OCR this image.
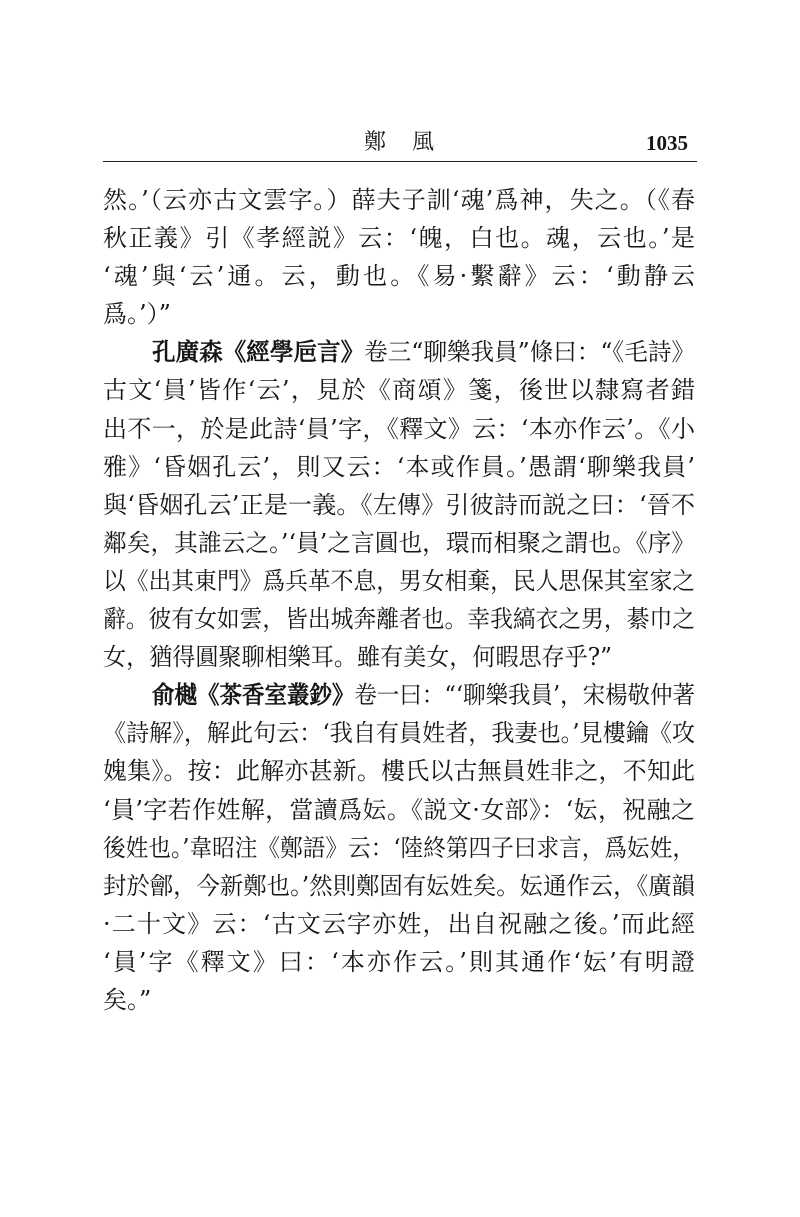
鄭　風	1035
然。’（云亦古文雲字。）薛夫子訓‘魂’爲神，失之。（《春
秋正義》引《孝經説》云：‘魄，白也。魂，云也。’是
‘魂’與‘云’通。云，動也。《易·繫辭》云：‘動静云
爲。’）”
孔廣森《經學巵言》卷三“聊樂我員”條曰：“《毛詩》
古文‘員’皆作‘云’，見於《商頌》箋，後世以隸寫者錯
出不一，於是此詩‘員’字，《釋文》云：‘本亦作云’。《小
雅》‘昏姻孔云’，則又云：‘本或作員。’愚謂‘聊樂我員’
與‘昏姻孔云’正是一義。《左傳》引彼詩而説之曰：‘晉不
鄰矣，其誰云之。’‘員’之言圓也，環而相聚之謂也。《序》
以《出其東門》爲兵革不息，男女相棄，民人思保其室家之
辭。彼有女如雲，皆出城奔離者也。幸我縞衣之男，綦巾之
女，猶得圓聚聊相樂耳。雖有美女，何暇思存乎?”
俞樾《茶香室叢鈔》卷一曰：“‘聊樂我員’，宋楊敬仲著
《詩解》，解此句云：‘我自有員姓者，我妻也。’見樓鑰《攻
媿集》。按：此解亦甚新。樓氏以古無員姓非之，不知此
‘員’字若作姓解，當讀爲妘。《説文·女部》：‘妘，祝融之
後姓也。’韋昭注《鄭語》云：‘陸終第四子曰求言，爲妘姓，
封於鄶，今新鄭也。’然則鄭固有妘姓矣。妘通作云，《廣韻
·二十文》云：‘古文云字亦姓，出自祝融之後。’而此經
‘員’字《釋文》曰：‘本亦作云。’則其通作‘妘’有明證
矣。”
